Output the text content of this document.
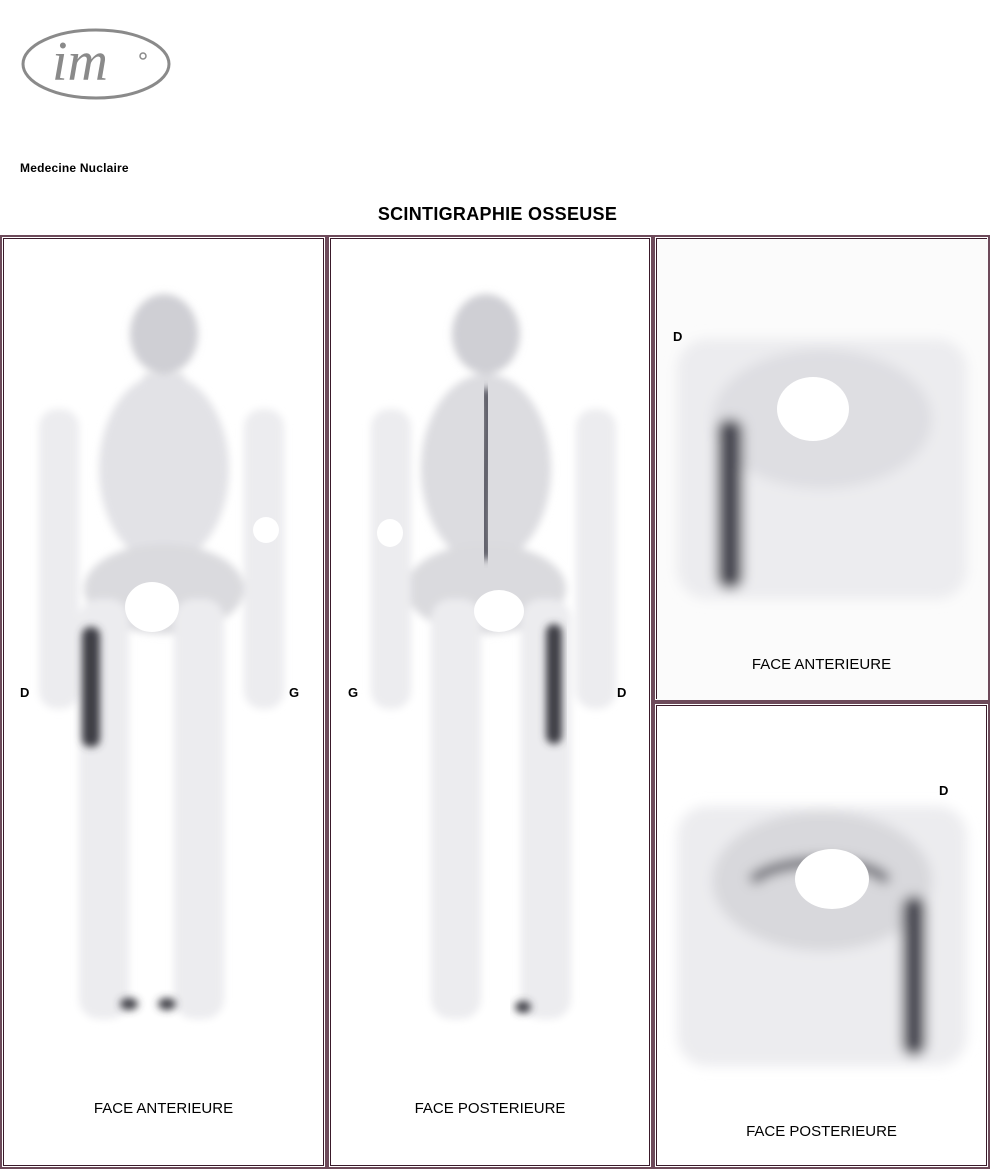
im
Medecine Nuclaire
SCINTIGRAPHIE OSSEUSE
D	G
FACE ANTERIEURE
G	D
FACE POSTERIEURE
D
FACE ANTERIEURE
D
FACE POSTERIEURE
